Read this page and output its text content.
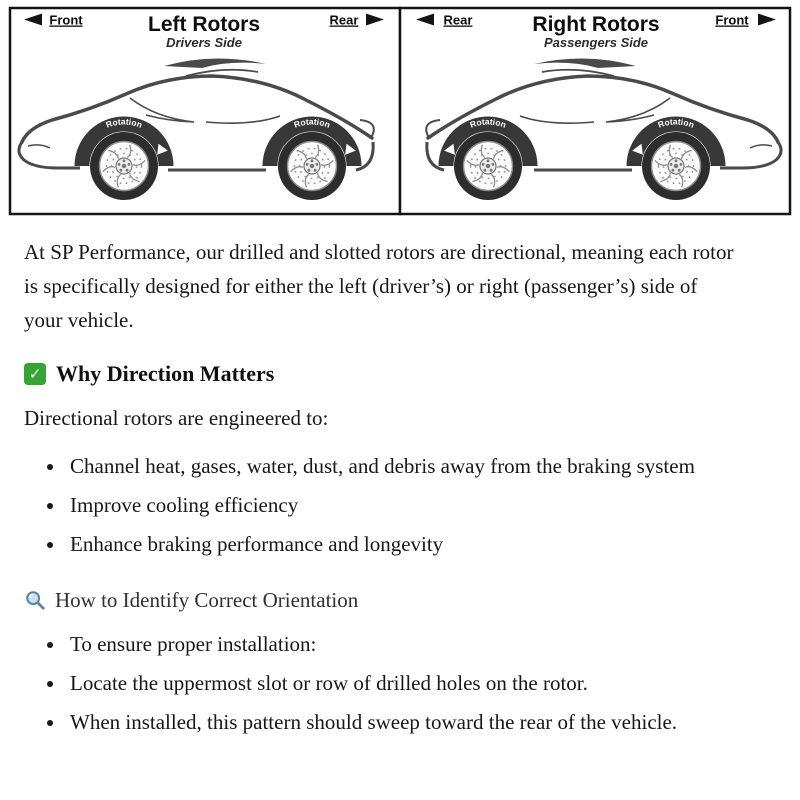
Left Rotors
Drivers Side
Front	Rear	Right Rotors
Passengers Side
Rear	Front
Rotation	Rotation	Rotation	Rotation

At SP Performance, our drilled and slotted rotors are directional, meaning each rotor is specifically designed for either the left (driver’s) or right (passenger’s) side of your vehicle.

✓ Why Direction Matters

Directional rotors are engineered to:

• Channel heat, gases, water, dust, and debris away from the braking system
• Improve cooling efficiency
• Enhance braking performance and longevity
How to Identify Correct Orientation
• To ensure proper installation:
• Locate the uppermost slot or row of drilled holes on the rotor.
• When installed, this pattern should sweep toward the rear of the vehicle.
